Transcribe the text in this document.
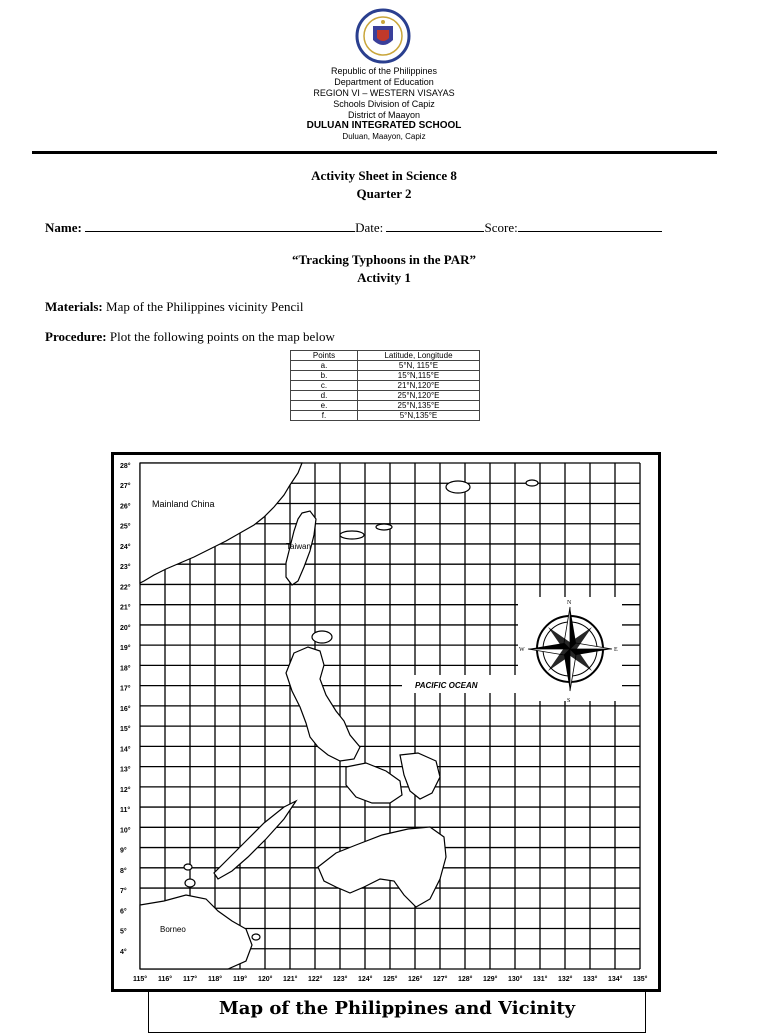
Republic of the Philippines
Department of Education
REGION VI – WESTERN VISAYAS
Schools Division of Capiz
District of Maayon
DULUAN INTEGRATED SCHOOL
Duluan, Maayon, Capiz
Activity Sheet in Science 8
Quarter 2
Name:	Date:	Score:
“Tracking Typhoons in the PAR”
Activity 1
Materials: Map of the Philippines vicinity Pencil
Procedure: Plot the following points on the map below
Points	Latitude, Longitude
a.	5°N, 115°E
b.	15°N,115°E
c.	21°N,120°E
d.	25°N,120°E
e.	25°N,135°E
f.	5°N,135°E
28°
27°
26°
25°
24°
23°
22°
21°
20°
19°
18°
17°
16°
15°
14°
13°
12°
11°
10°
9°
8°
7°
6°
5°
4°
115° 116° 117° 118° 119° 120° 121° 122° 123° 124° 125° 126° 127° 128° 129° 130° 131° 132° 133° 134° 135°
Mainland China
Taiwan
PACIFIC OCEAN
Borneo
N
S
E
W
Map of the Philippines and Vicinity
